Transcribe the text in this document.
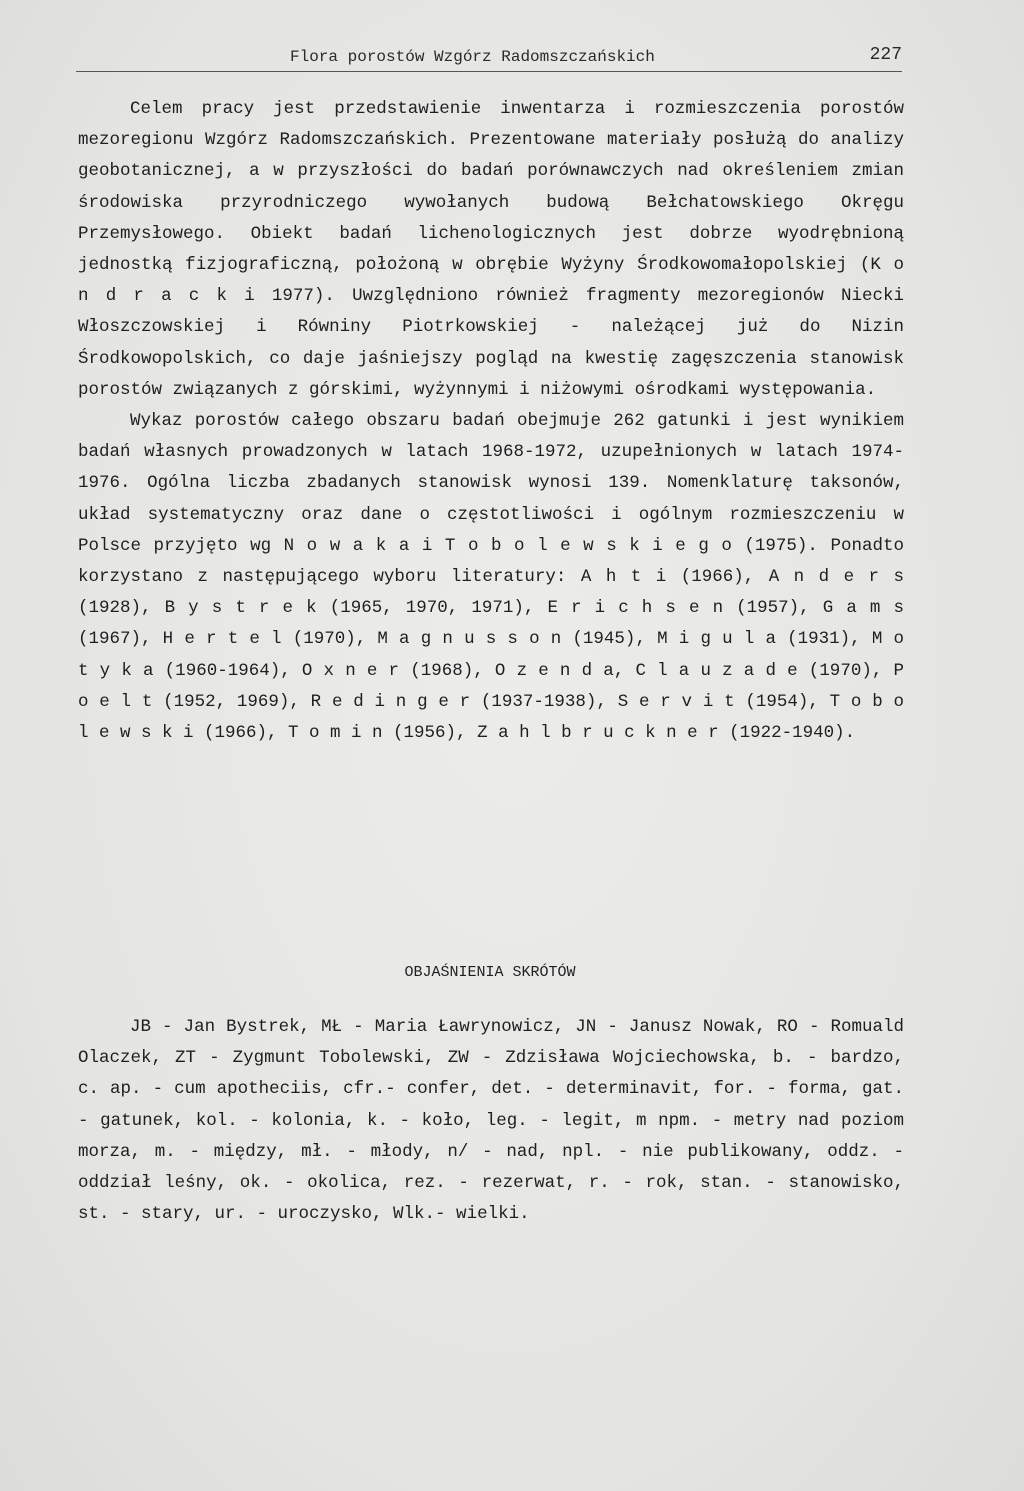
Flora porostów Wzgórz Radomszczańskich	227

Celem pracy jest przedstawienie inwentarza i rozmieszczenia porostów mezoregionu Wzgórz Radomszczańskich. Prezentowane materiały posłużą do analizy geobotanicznej, a w przyszłości do badań porównawczych nad określeniem zmian środowiska przyrodniczego wywołanych budową Bełchatowskiego Okręgu Przemysłowego. Obiekt badań lichenologicznych jest dobrze wyodrębnioną jednostką fizjograficzną, położoną w obrębie Wyżyny Środkowomałopolskiej (K o n d r a c k i 1977). Uwzględniono również fragmenty mezoregionów Niecki Włoszczowskiej i Równiny Piotrkowskiej - należącej już do Nizin Środkowopolskich, co daje jaśniejszy pogląd na kwestię zagęszczenia stanowisk porostów związanych z górskimi, wyżynnymi i niżowymi ośrodkami występowania.

Wykaz porostów całego obszaru badań obejmuje 262 gatunki i jest wynikiem badań własnych prowadzonych w latach 1968-1972, uzupełnionych w latach 1974-1976. Ogólna liczba zbadanych stanowisk wynosi 139. Nomenklaturę taksonów, układ systematyczny oraz dane o częstotliwości i ogólnym rozmieszczeniu w Polsce przyjęto wg N o w a k a i T o b o l e w s k i e g o (1975). Ponadto korzystano z następującego wyboru literatury: A h t i (1966), A n d e r s (1928), B y s t r e k (1965, 1970, 1971), E r i c h s e n (1957), G a m s (1967), H e r t e l (1970), M a g n u s s o n (1945), M i g u l a (1931), M o t y k a (1960-1964), O x n e r (1968), O z e n d a, C l a u z a d e (1970), P o e l t (1952, 1969), R e d i n g e r (1937-1938), S e r v i t (1954), T o b o l e w s k i (1966), T o m i n (1956), Z a h l b r u c k n e r (1922-1940).

OBJAŚNIENIA SKRÓTÓW

JB - Jan Bystrek, MŁ - Maria Ławrynowicz, JN - Janusz Nowak, RO - Romuald Olaczek, ZT - Zygmunt Tobolewski, ZW - Zdzisława Wojciechowska, b. - bardzo, c. ap. - cum apotheciis, cfr.- confer, det. - determinavit, for. - forma, gat. - gatunek, kol. - kolonia, k. - koło, leg. - legit, m npm. - metry nad poziom morza, m. - między, mł. - młody, n/ - nad, npl. - nie publikowany, oddz. - oddział leśny, ok. - okolica, rez. - rezerwat, r. - rok, stan. - stanowisko, st. - stary, ur. - uroczysko, Wlk.- wielki.
